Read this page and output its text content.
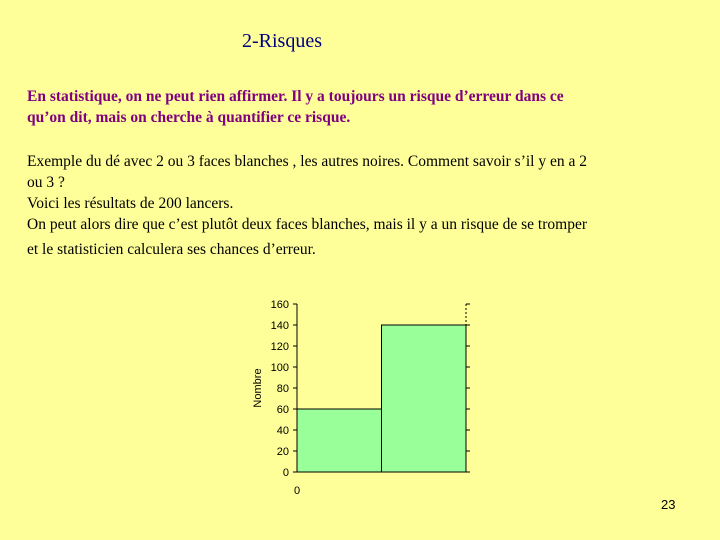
2-Risques
En statistique, on ne peut rien affirmer. Il y a toujours un risque d’erreur dans ce
qu’on dit, mais on cherche à quantifier ce risque.
Exemple du dé avec 2 ou 3 faces blanches , les autres noires. Comment savoir s’il y en a 2
ou 3 ?
Voici les résultats de 200 lancers.
On peut alors dire que c’est plutôt deux faces blanches, mais il y a un risque de se tromper
et le statisticien calculera ses chances d’erreur.
0
20
40
60
80
100
120
140
160
0
Nombre
23
